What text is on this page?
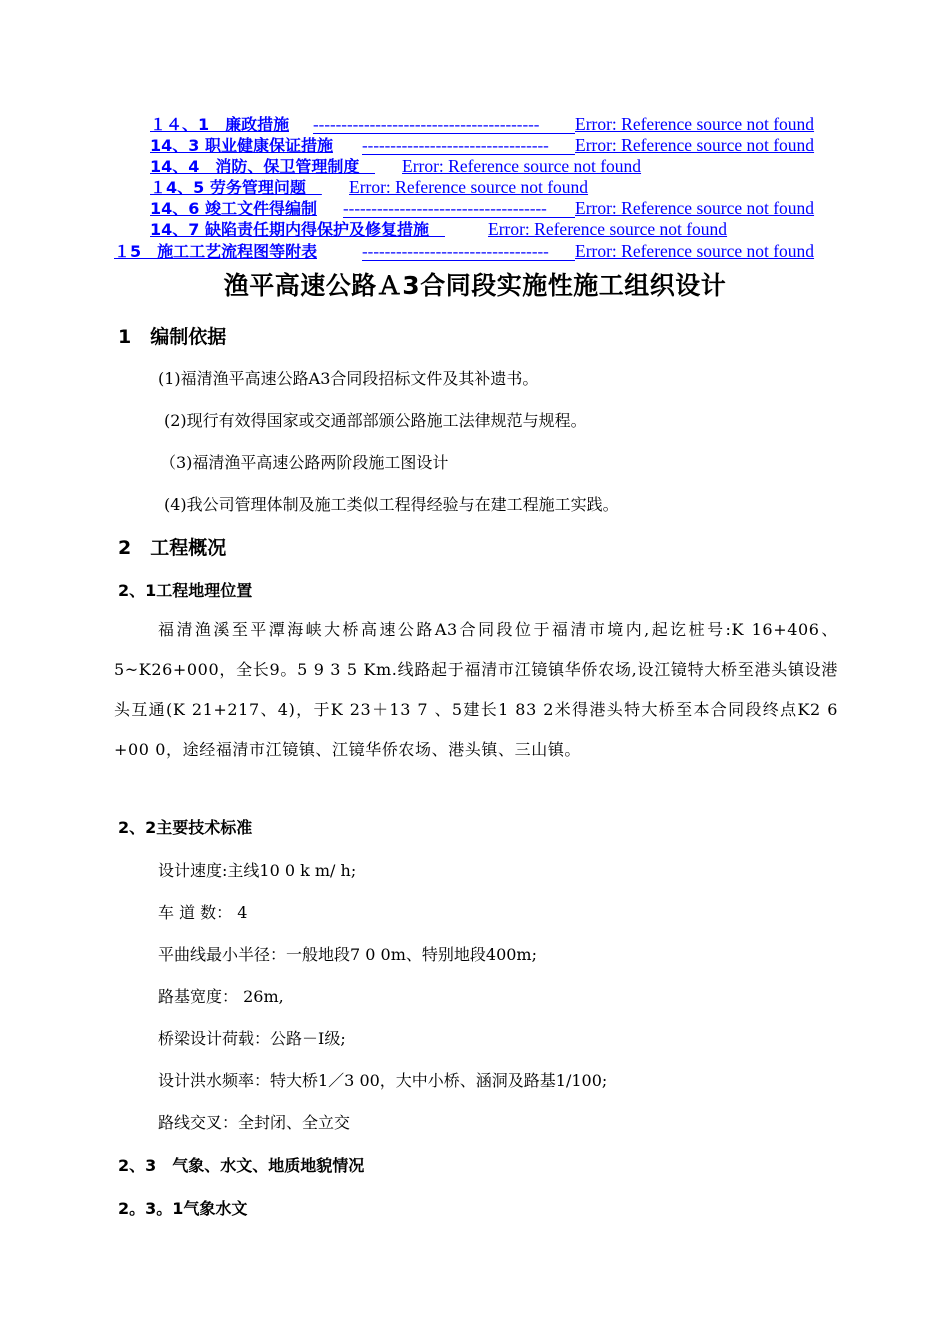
１４、1　廉政措施 ----------------------------------------	Error: Reference source not found
14、3 职业健康保证措施 ---------------------------------	Error: Reference source not found
14、4　消防、保卫管理制度　 Error: Reference source not found
１4、5 劳务管理问题　 Error: Reference source not found
14、6 竣工文件得编制 ------------------------------------	Error: Reference source not found
14、7 缺陷责任期内得保护及修复措施　 Error: Reference source not found
１5　施工工艺流程图等附表	---------------------------------	Error: Reference source not found
渔平高速公路Ａ3合同段实施性施工组织设计
1　编制依据
(1)福清渔平高速公路A3合同段招标文件及其补遗书。
(2)现行有效得国家或交通部部颁公路施工法律规范与规程。
（3)福清渔平高速公路两阶段施工图设计
(4)我公司管理体制及施工类似工程得经验与在建工程施工实践。
2　工程概况
2、1工程地理位置
福清渔溪至平潭海峡大桥高速公路A3合同段位于福清市境内,起讫桩号:K 16+406、 5~K26+000，全长9。5 9 3 5 Km.线路起于福清市江镜镇华侨农场,设江镜特大桥至港头镇设港头互通(K 21+217、4)，于K 23＋13 7 、5建长1 83 2米得港头特大桥至本合同段终点K2 6 +00 0，途经福清市江镜镇、江镜华侨农场、港头镇、三山镇。
2、2主要技术标准
设计速度:主线10 0 k m/ h;
车 道 数： 4
平曲线最小半径：一般地段7 0 0m、特别地段400m;
路基宽度： 26m,
桥梁设计荷载：公路－Ⅰ级;
设计洪水频率：特大桥1／3 00，大中小桥、涵洞及路基1/100;
路线交叉：全封闭、全立交
2、3　气象、水文、地质地貌情况
2。3。1气象水文
